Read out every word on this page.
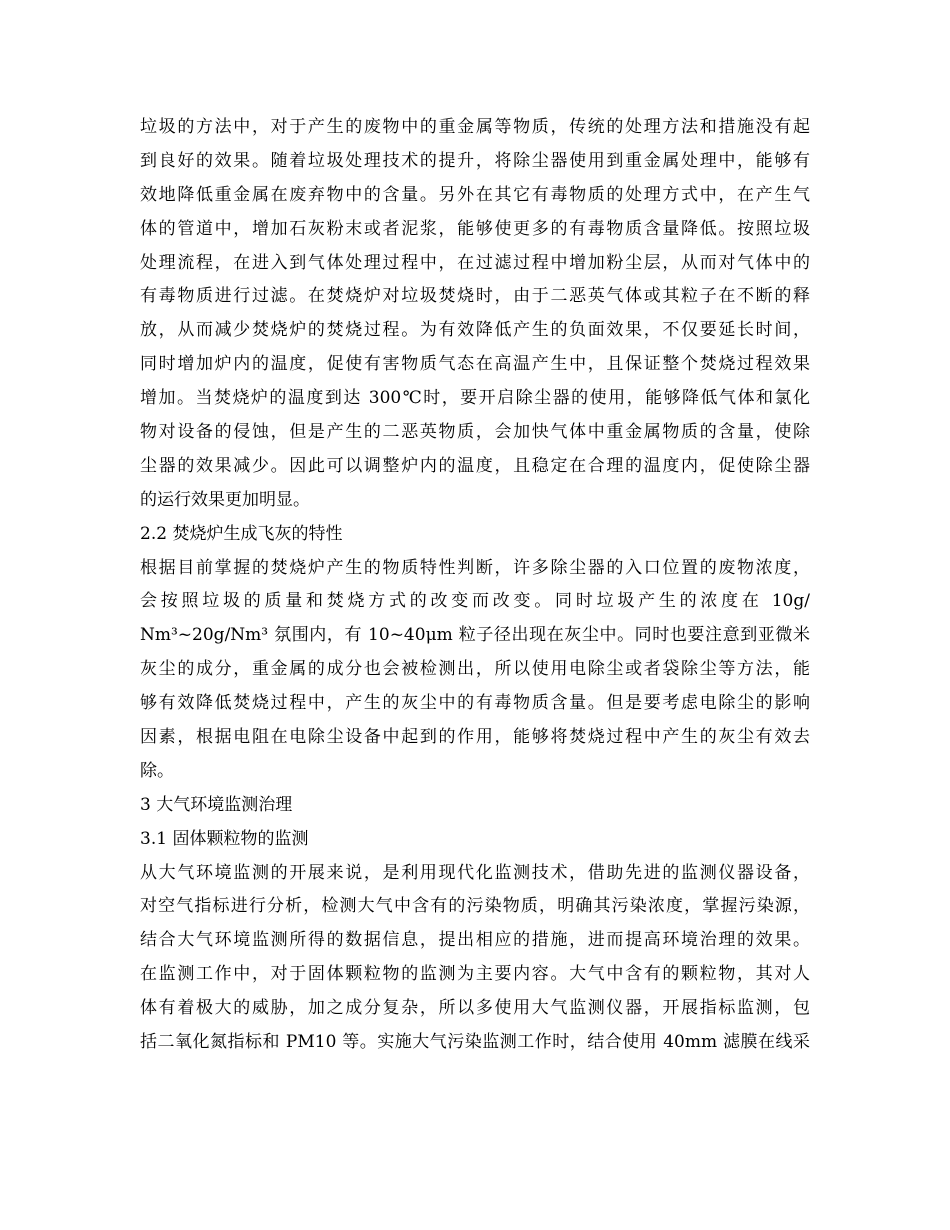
垃圾的方法中，对于产生的废物中的重金属等物质，传统的处理方法和措施没有起
到良好的效果。随着垃圾处理技术的提升，将除尘器使用到重金属处理中，能够有
效地降低重金属在废弃物中的含量。另外在其它有毒物质的处理方式中，在产生气
体的管道中，增加石灰粉末或者泥浆，能够使更多的有毒物质含量降低。按照垃圾
处理流程，在进入到气体处理过程中，在过滤过程中增加粉尘层，从而对气体中的
有毒物质进行过滤。在焚烧炉对垃圾焚烧时，由于二恶英气体或其粒子在不断的释
放，从而减少焚烧炉的焚烧过程。为有效降低产生的负面效果，不仅要延长时间，
同时增加炉内的温度，促使有害物质气态在高温产生中，且保证整个焚烧过程效果
增加。当焚烧炉的温度到达 300℃时，要开启除尘器的使用，能够降低气体和氯化
物对设备的侵蚀，但是产生的二恶英物质，会加快气体中重金属物质的含量，使除
尘器的效果减少。因此可以调整炉内的温度，且稳定在合理的温度内，促使除尘器
的运行效果更加明显。
2.2 焚烧炉生成飞灰的特性
根据目前掌握的焚烧炉产生的物质特性判断，许多除尘器的入口位置的废物浓度，
会按照垃圾的质量和焚烧方式的改变而改变。同时垃圾产生的浓度在 10g/
Nm³~20g/Nm³ 氛围内，有 10~40μm 粒子径出现在灰尘中。同时也要注意到亚微米
灰尘的成分，重金属的成分也会被检测出，所以使用电除尘或者袋除尘等方法，能
够有效降低焚烧过程中，产生的灰尘中的有毒物质含量。但是要考虑电除尘的影响
因素，根据电阻在电除尘设备中起到的作用，能够将焚烧过程中产生的灰尘有效去
除。
3 大气环境监测治理
3.1 固体颗粒物的监测
从大气环境监测的开展来说，是利用现代化监测技术，借助先进的监测仪器设备，
对空气指标进行分析，检测大气中含有的污染物质，明确其污染浓度，掌握污染源，
结合大气环境监测所得的数据信息，提出相应的措施，进而提高环境治理的效果。
在监测工作中，对于固体颗粒物的监测为主要内容。大气中含有的颗粒物，其对人
体有着极大的威胁，加之成分复杂，所以多使用大气监测仪器，开展指标监测，包
括二氧化氮指标和 PM10 等。实施大气污染监测工作时，结合使用 40mm 滤膜在线采
